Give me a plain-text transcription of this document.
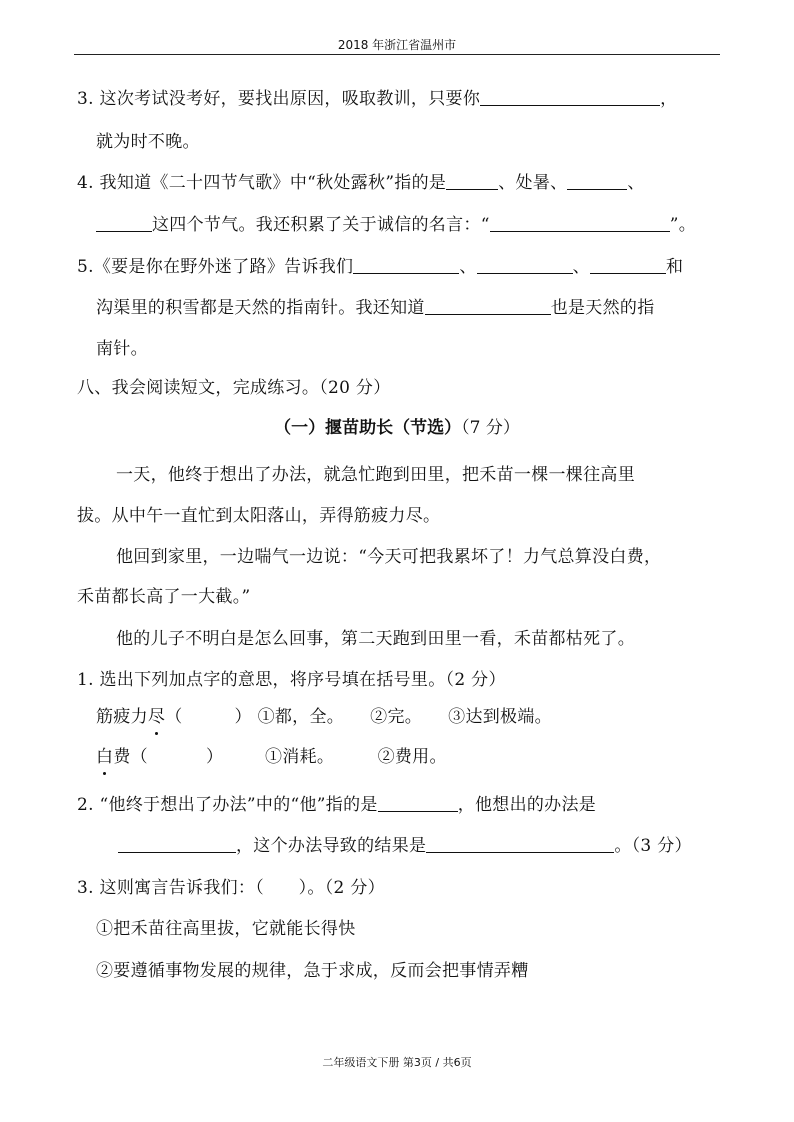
2018 年浙江省温州市
3. 这次考试没考好，要找出原因，吸取教训，只要你	，
就为时不晚。
4. 我知道《二十四节气歌》中“秋处露秋”指的是	、处暑、	、
这四个节气。我还积累了关于诚信的名言：“	”。
5.《要是你在野外迷了路》告诉我们	、	、	和
沟渠里的积雪都是天然的指南针。我还知道	也是天然的指
南针。
八、我会阅读短文，完成练习。（20 分）
（一）揠苗助长（节选）（7 分）
一天，他终于想出了办法，就急忙跑到田里，把禾苗一棵一棵往高里
拔。从中午一直忙到太阳落山，弄得筋疲力尽。
他回到家里，一边喘气一边说：“今天可把我累坏了！力气总算没白费，
禾苗都长高了一大截。”
他的儿子不明白是怎么回事，第二天跑到田里一看，禾苗都枯死了。
1. 选出下列加点字的意思，将序号填在括号里。（2 分）
筋疲力尽（	） ①都，全。　　②完。　　③达到极端。
白费（	） ①消耗。　　　②费用。
2. “他终于想出了办法”中的“他”指的是	，他想出的办法是
，这个办法导致的结果是	。（3 分）
3. 这则寓言告诉我们：（　　）。（2 分）
①把禾苗往高里拔，它就能长得快
②要遵循事物发展的规律，急于求成，反而会把事情弄糟
二年级语文下册 第3页 / 共6页
